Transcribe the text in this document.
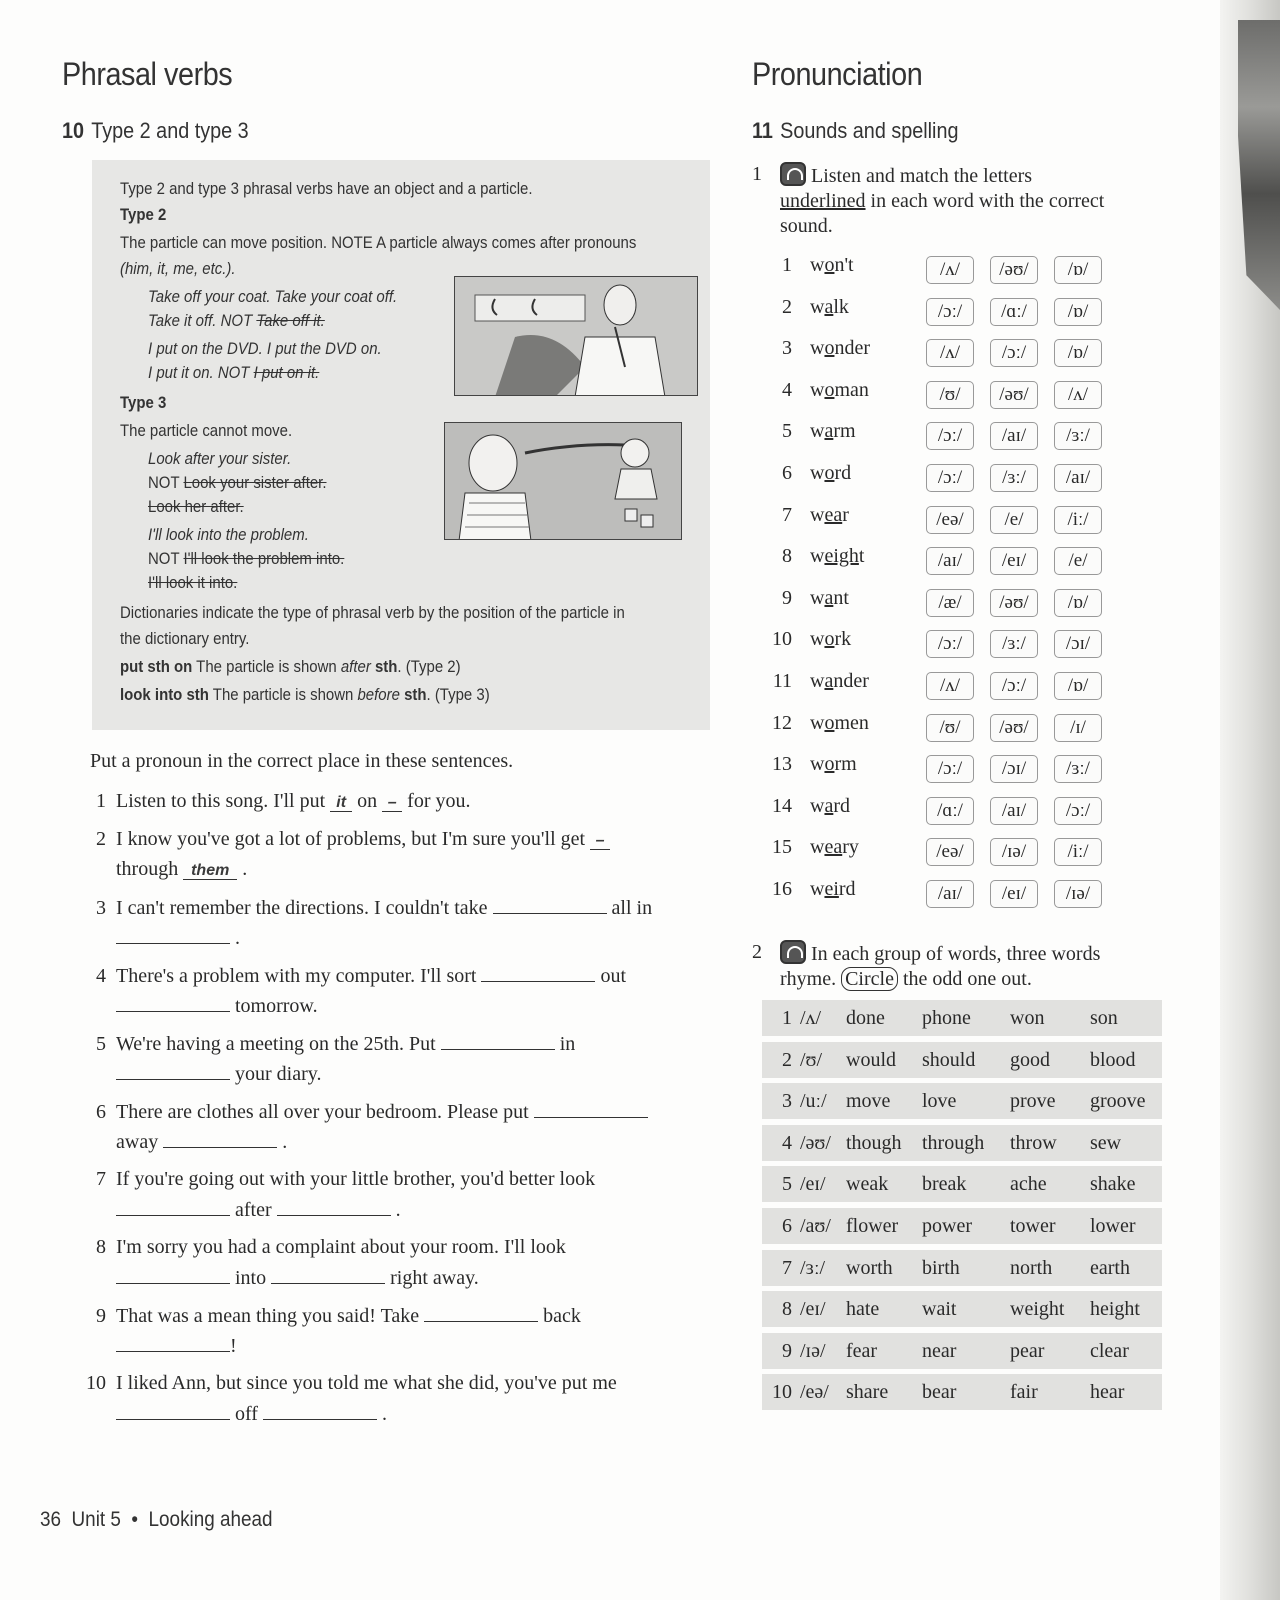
Phrasal verbs
10 Type 2 and type 3
Type 2 and type 3 phrasal verbs have an object and a particle.
Type 2
The particle can move position. NOTE A particle always comes after pronouns
(him, it, me, etc.).
Take off your coat. Take your coat off.
Take it off. NOT Take off it.
I put on the DVD. I put the DVD on.
I put it on. NOT I put on it.
Type 3
The particle cannot move.
Look after your sister.
NOT Look your sister after.
Look her after.
I'll look into the problem.
NOT I'll look the problem into.
I'll look it into.
Dictionaries indicate the type of phrasal verb by the position of the particle in
the dictionary entry.
put sth on The particle is shown after sth. (Type 2)
look into sth The particle is shown before sth. (Type 3)
Put a pronoun in the correct place in these sentences.
1 Listen to this song. I'll put it on – for you.
2 I know you've got a lot of problems, but I'm sure you'll get –
through them .
3 I can't remember the directions. I couldn't take	all in
.
4 There's a problem with my computer. I'll sort	out
tomorrow.
5 We're having a meeting on the 25th. Put	in
your diary.
6 There are clothes all over your bedroom. Please put
away	.
7 If you're going out with your little brother, you'd better look
after	.
8 I'm sorry you had a complaint about your room. I'll look
into	right away.
9 That was a mean thing you said! Take	back
!
10 I liked Ann, but since you told me what she did, you've put me
off	.
Pronunciation
11 Sounds and spelling
1	Listen and match the letters
underlined in each word with the correct
sound.
1 won't	/ʌ/	/əʊ/	/ɒ/
2 walk	/ɔː/	/ɑː/	/ɒ/
3 wonder	/ʌ/	/ɔː/	/ɒ/
4 woman	/ʊ/	/əʊ/	/ʌ/
5 warm	/ɔː/	/aɪ/	/ɜː/
6 word	/ɔː/	/ɜː/	/aɪ/
7 wear	/eə/	/e/	/iː/
8 weight	/aɪ/	/eɪ/	/e/
9 want	/æ/	/əʊ/	/ɒ/
10 work	/ɔː/	/ɜː/	/ɔɪ/
11 wander	/ʌ/	/ɔː/	/ɒ/
12 women	/ʊ/	/əʊ/	/ɪ/
13 worm	/ɔː/	/ɔɪ/	/ɜː/
14 ward	/ɑː/	/aɪ/	/ɔː/
15 weary	/eə/	/ɪə/	/iː/
16 weird	/aɪ/	/eɪ/	/ɪə/
2	In each group of words, three words
rhyme. Circle the odd one out.
1 /ʌ/ done phone won son
2 /ʊ/ would should good blood
3 /uː/ move love	prove groove
4 /əʊ/ though through throw sew
5 /eɪ/ weak break ache shake
6 /aʊ/ flower power tower lower
7 /ɜː/ worth birth	north earth
8 /eɪ/ hate wait	weight height
9 /ɪə/ fear near	pear clear
10 /eə/ share bear	fair	hear
36 Unit 5 • Looking ahead
